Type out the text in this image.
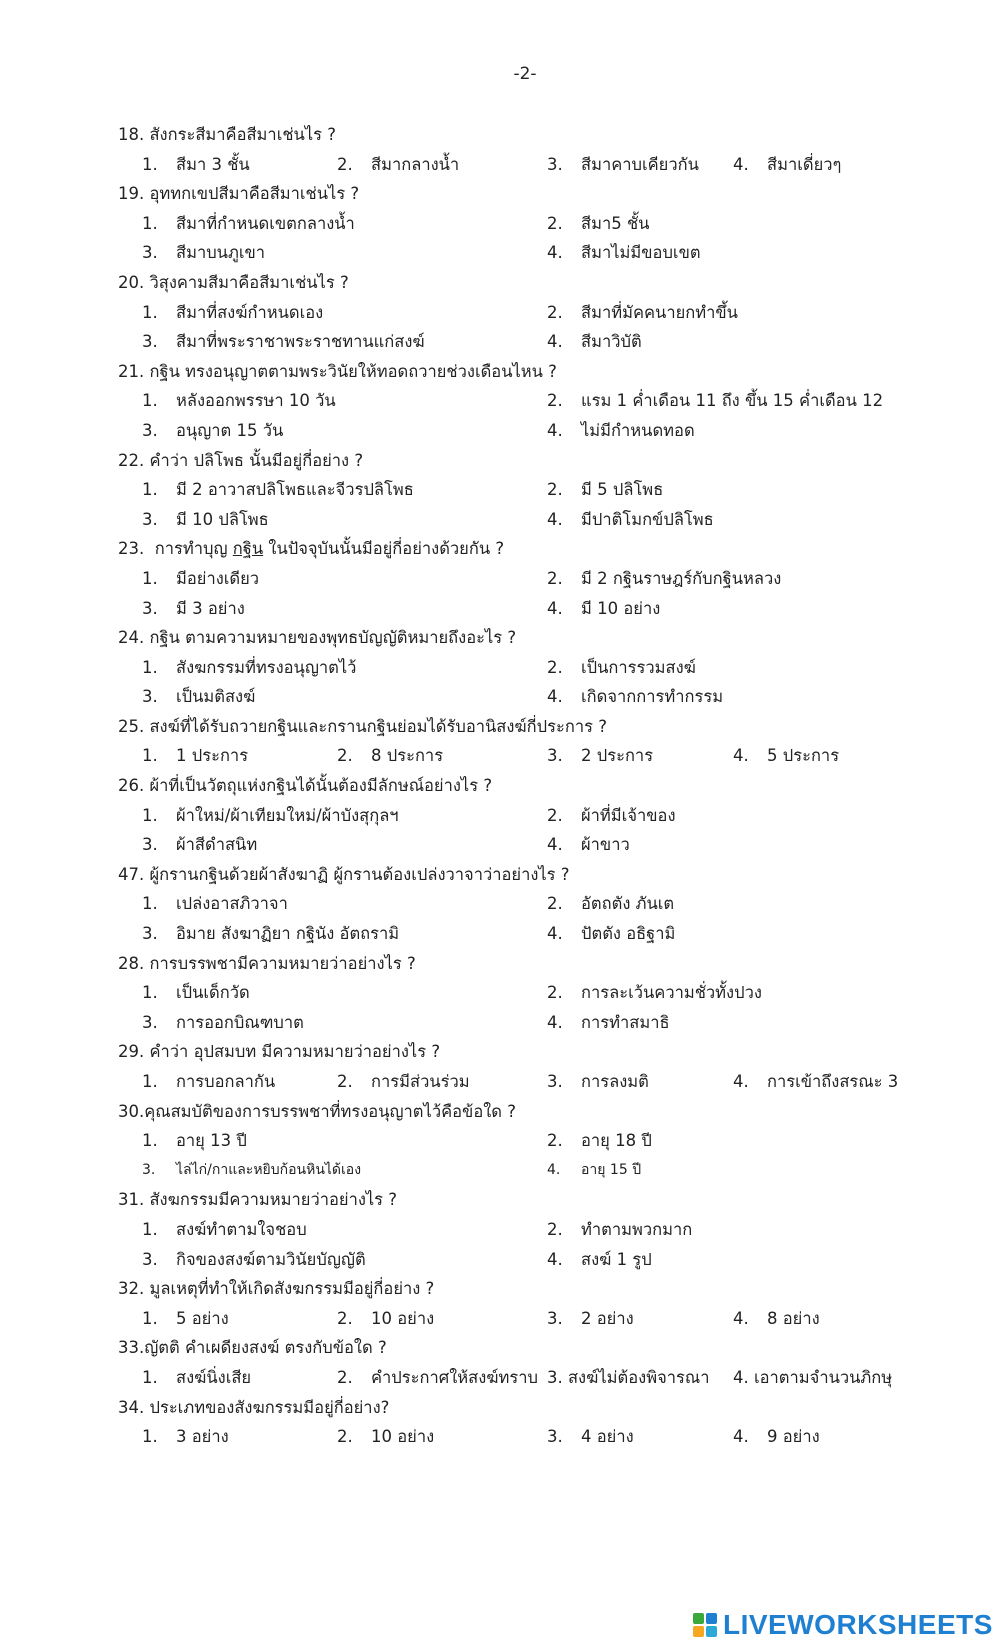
-2-
18. สังกระสีมาคือสีมาเช่นไร ?
1. สีมา 3 ชั้น	2. สีมากลางน้ำ	3. สีมาคาบเคียวกัน 4. สีมาเดี่ยวๆ
19. อุททกเขปสีมาคือสีมาเช่นไร ?
1. สีมาที่กำหนดเขตกลางน้ำ	2. สีมา5 ชั้น
3. สีมาบนภูเขา	4. สีมาไม่มีขอบเขต
20. วิสุงคามสีมาคือสีมาเช่นไร ?
1. สีมาที่สงฆ์กำหนดเอง	2. สีมาที่มัคคนายกทำขึ้น
3. สีมาที่พระราชาพระราชทานแก่สงฆ์	4. สีมาวิบัติ
21. กฐิน ทรงอนุญาตตามพระวินัยให้ทอดถวายช่วงเดือนไหน ?
1. หลังออกพรรษา 10 วัน	2. แรม 1 ค่ำเดือน 11 ถึง ขึ้น 15 ค่ำเดือน 12
3. อนุญาต 15 วัน	4. ไม่มีกำหนดทอด
22. คำว่า ปลิโพธ นั้นมีอยู่กี่อย่าง ?
1. มี 2 อาวาสปลิโพธและจีวรปลิโพธ	2. มี 5 ปลิโพธ
3. มี 10 ปลิโพธ	4. มีปาติโมกข์ปลิโพธ
23.  การทำบุญ กฐิน ในปัจจุบันนั้นมีอยู่กี่อย่างด้วยกัน ?
1. มีอย่างเดียว	2. มี 2 กฐินราษฎร์กับกฐินหลวง
3. มี 3 อย่าง	4. มี 10 อย่าง
24. กฐิน ตามความหมายของพุทธบัญญัติหมายถึงอะไร ?
1. สังฆกรรมที่ทรงอนุญาตไว้	2. เป็นการรวมสงฆ์
3. เป็นมติสงฆ์	4. เกิดจากการทำกรรม
25. สงฆ์ที่ได้รับถวายกฐินและกรานกฐินย่อมได้รับอานิสงฆ์กี่ประการ ?
1. 1 ประการ	2. 8 ประการ	3. 2 ประการ	4. 5 ประการ
26. ผ้าที่เป็นวัตถุแห่งกฐินได้นั้นต้องมีลักษณ์อย่างไร ?
1. ผ้าใหม่/ผ้าเทียมใหม่/ผ้าบังสุกุลฯ	2. ผ้าที่มีเจ้าของ
3. ผ้าสีดำสนิท	4. ผ้าขาว
47. ผู้กรานกฐินด้วยผ้าสังฆาฏิ ผู้กรานต้องเปล่งวาจาว่าอย่างไร ?
1. เปล่งอาสภิวาจา	2. อัตถตัง ภันเต
3. อิมาย สังฆาฏิยา กฐินัง อัตถรามิ	4. ปัตตัง อธิฐามิ
28. การบรรพชามีความหมายว่าอย่างไร ?
1. เป็นเด็กวัด	2. การละเว้นความชั่วทั้งปวง
3. การออกบิณฑบาต	4. การทำสมาธิ
29. คำว่า อุปสมบท มีความหมายว่าอย่างไร ?
1. การบอกลากัน	2. การมีส่วนร่วม	3. การลงมติ	4. การเข้าถึงสรณะ 3
30.คุณสมบัติของการบรรพชาที่ทรงอนุญาตไว้คือข้อใด ?
1. อายุ 13 ปี	2. อายุ 18 ปี
3. ไล่ไก่/กาและหยิบก้อนหินได้เอง	4. อายุ 15 ปี
31. สังฆกรรมมีความหมายว่าอย่างไร ?
1. สงฆ์ทำตามใจชอบ	2. ทำตามพวกมาก
3. กิจของสงฆ์ตามวินัยบัญญัติ	4. สงฆ์ 1 รูป
32. มูลเหตุที่ทำให้เกิดสังฆกรรมมีอยู่กี่อย่าง ?
1. 5 อย่าง	2. 10 อย่าง	3. 2 อย่าง	4. 8 อย่าง
33.ญัตติ คำเผดียงสงฆ์ ตรงกับข้อใด ?
1. สงฆ์นิ่งเสีย	2. คำประกาศให้สงฆ์ทราบ 3. สงฆ์ไม่ต้องพิจารณา 4. เอาตามจำนวนภิกษุ
34. ประเภทของสังฆกรรมมีอยู่กี่อย่าง?
1. 3 อย่าง	2. 10 อย่าง	3. 4 อย่าง	4. 9 อย่าง
LIVEWORKSHEETS
